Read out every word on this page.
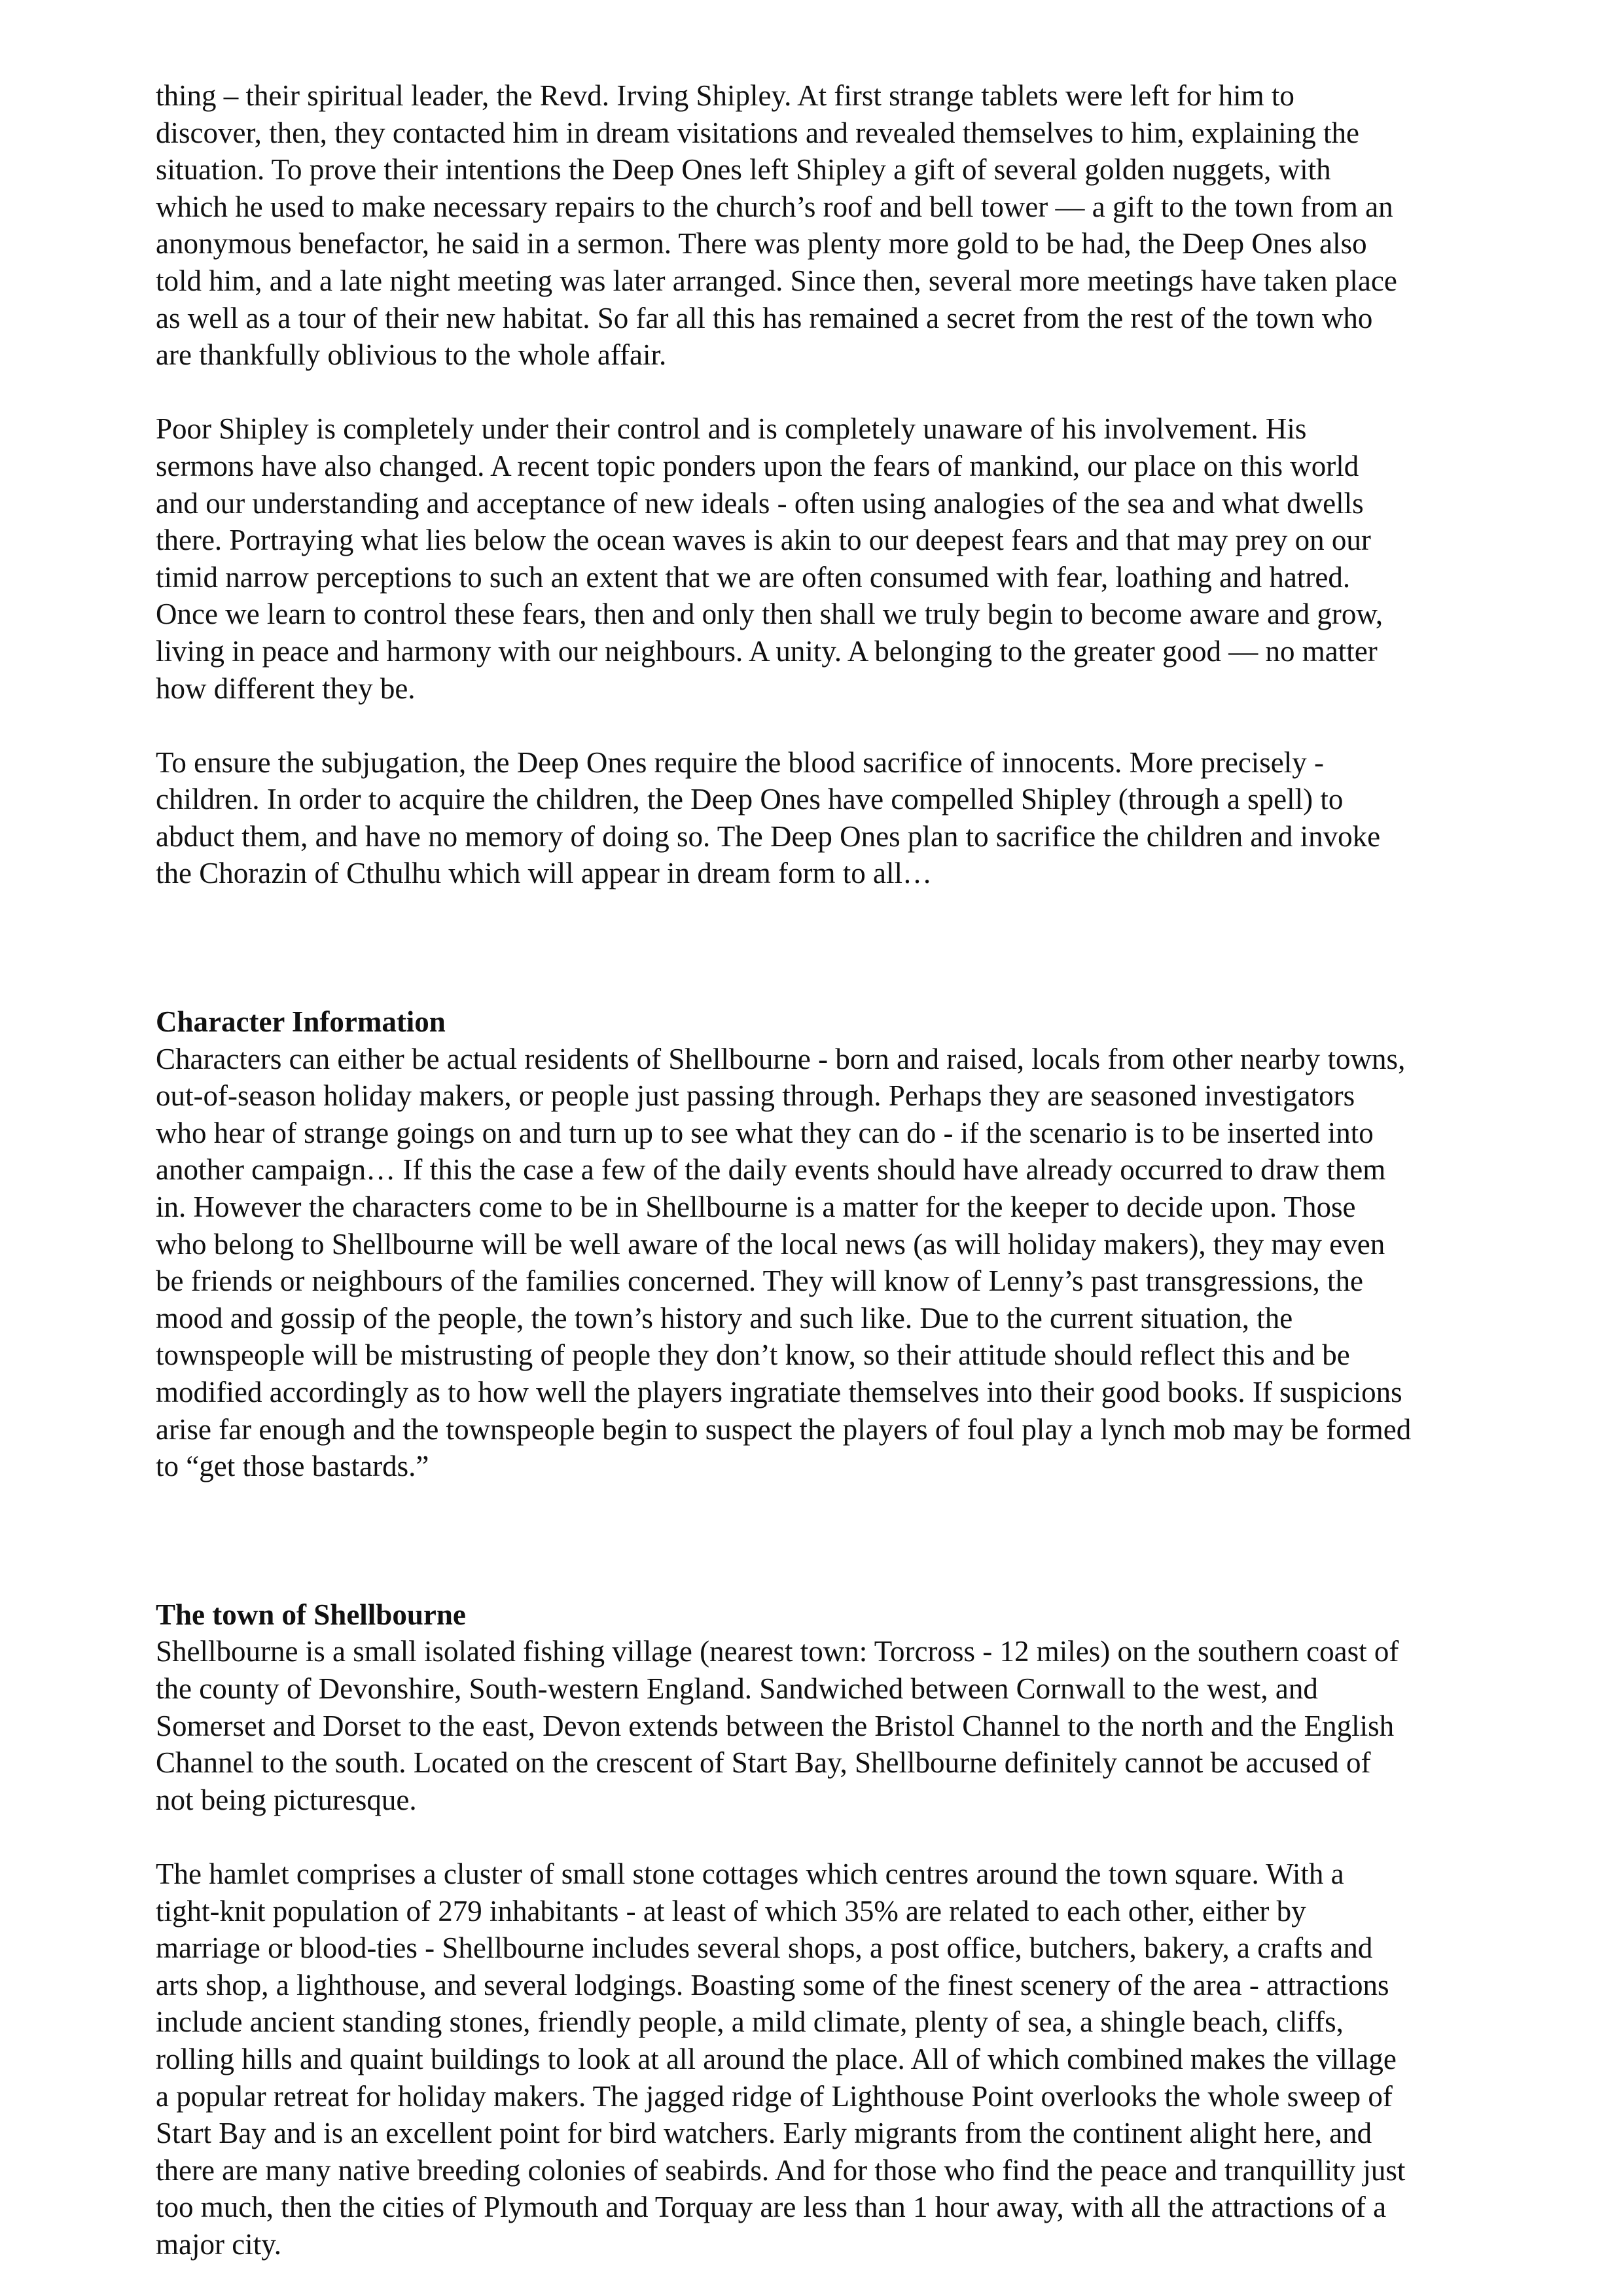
thing – their spiritual leader, the Revd. Irving Shipley. At first strange tablets were left for him to
discover, then, they contacted him in dream visitations and revealed themselves to him, explaining the
situation. To prove their intentions the Deep Ones left Shipley a gift of several golden nuggets, with
which he used to make necessary repairs to the church’s roof and bell tower — a gift to the town from an
anonymous benefactor, he said in a sermon. There was plenty more gold to be had, the Deep Ones also
told him, and a late night meeting was later arranged. Since then, several more meetings have taken place
as well as a tour of their new habitat. So far all this has remained a secret from the rest of the town who
are thankfully oblivious to the whole affair.

Poor Shipley is completely under their control and is completely unaware of his involvement. His
sermons have also changed. A recent topic ponders upon the fears of mankind, our place on this world
and our understanding and acceptance of new ideals - often using analogies of the sea and what dwells
there. Portraying what lies below the ocean waves is akin to our deepest fears and that may prey on our
timid narrow perceptions to such an extent that we are often consumed with fear, loathing and hatred.
Once we learn to control these fears, then and only then shall we truly begin to become aware and grow,
living in peace and harmony with our neighbours. A unity. A belonging to the greater good — no matter
how different they be.

To ensure the subjugation, the Deep Ones require the blood sacrifice of innocents. More precisely -
children. In order to acquire the children, the Deep Ones have compelled Shipley (through a spell) to
abduct them, and have no memory of doing so. The Deep Ones plan to sacrifice the children and invoke
the Chorazin of Cthulhu which will appear in dream form to all…

Character Information

Characters can either be actual residents of Shellbourne - born and raised, locals from other nearby towns,
out-of-season holiday makers, or people just passing through. Perhaps they are seasoned investigators
who hear of strange goings on and turn up to see what they can do - if the scenario is to be inserted into
another campaign… If this the case a few of the daily events should have already occurred to draw them
in. However the characters come to be in Shellbourne is a matter for the keeper to decide upon. Those
who belong to Shellbourne will be well aware of the local news (as will holiday makers), they may even
be friends or neighbours of the families concerned. They will know of Lenny’s past transgressions, the
mood and gossip of the people, the town’s history and such like. Due to the current situation, the
townspeople will be mistrusting of people they don’t know, so their attitude should reflect this and be
modified accordingly as to how well the players ingratiate themselves into their good books. If suspicions
arise far enough and the townspeople begin to suspect the players of foul play a lynch mob may be formed
to “get those bastards.”

The town of Shellbourne

Shellbourne is a small isolated fishing village (nearest town: Torcross - 12 miles) on the southern coast of
the county of Devonshire, South-western England. Sandwiched between Cornwall to the west, and
Somerset and Dorset to the east, Devon extends between the Bristol Channel to the north and the English
Channel to the south. Located on the crescent of Start Bay, Shellbourne definitely cannot be accused of
not being picturesque.

The hamlet comprises a cluster of small stone cottages which centres around the town square. With a
tight-knit population of 279 inhabitants - at least of which 35% are related to each other, either by
marriage or blood-ties - Shellbourne includes several shops, a post office, butchers, bakery, a crafts and
arts shop, a lighthouse, and several lodgings. Boasting some of the finest scenery of the area - attractions
include ancient standing stones, friendly people, a mild climate, plenty of sea, a shingle beach, cliffs,
rolling hills and quaint buildings to look at all around the place. All of which combined makes the village
a popular retreat for holiday makers. The jagged ridge of Lighthouse Point overlooks the whole sweep of
Start Bay and is an excellent point for bird watchers. Early migrants from the continent alight here, and
there are many native breeding colonies of seabirds. And for those who find the peace and tranquillity just
too much, then the cities of Plymouth and Torquay are less than 1 hour away, with all the attractions of a
major city.
